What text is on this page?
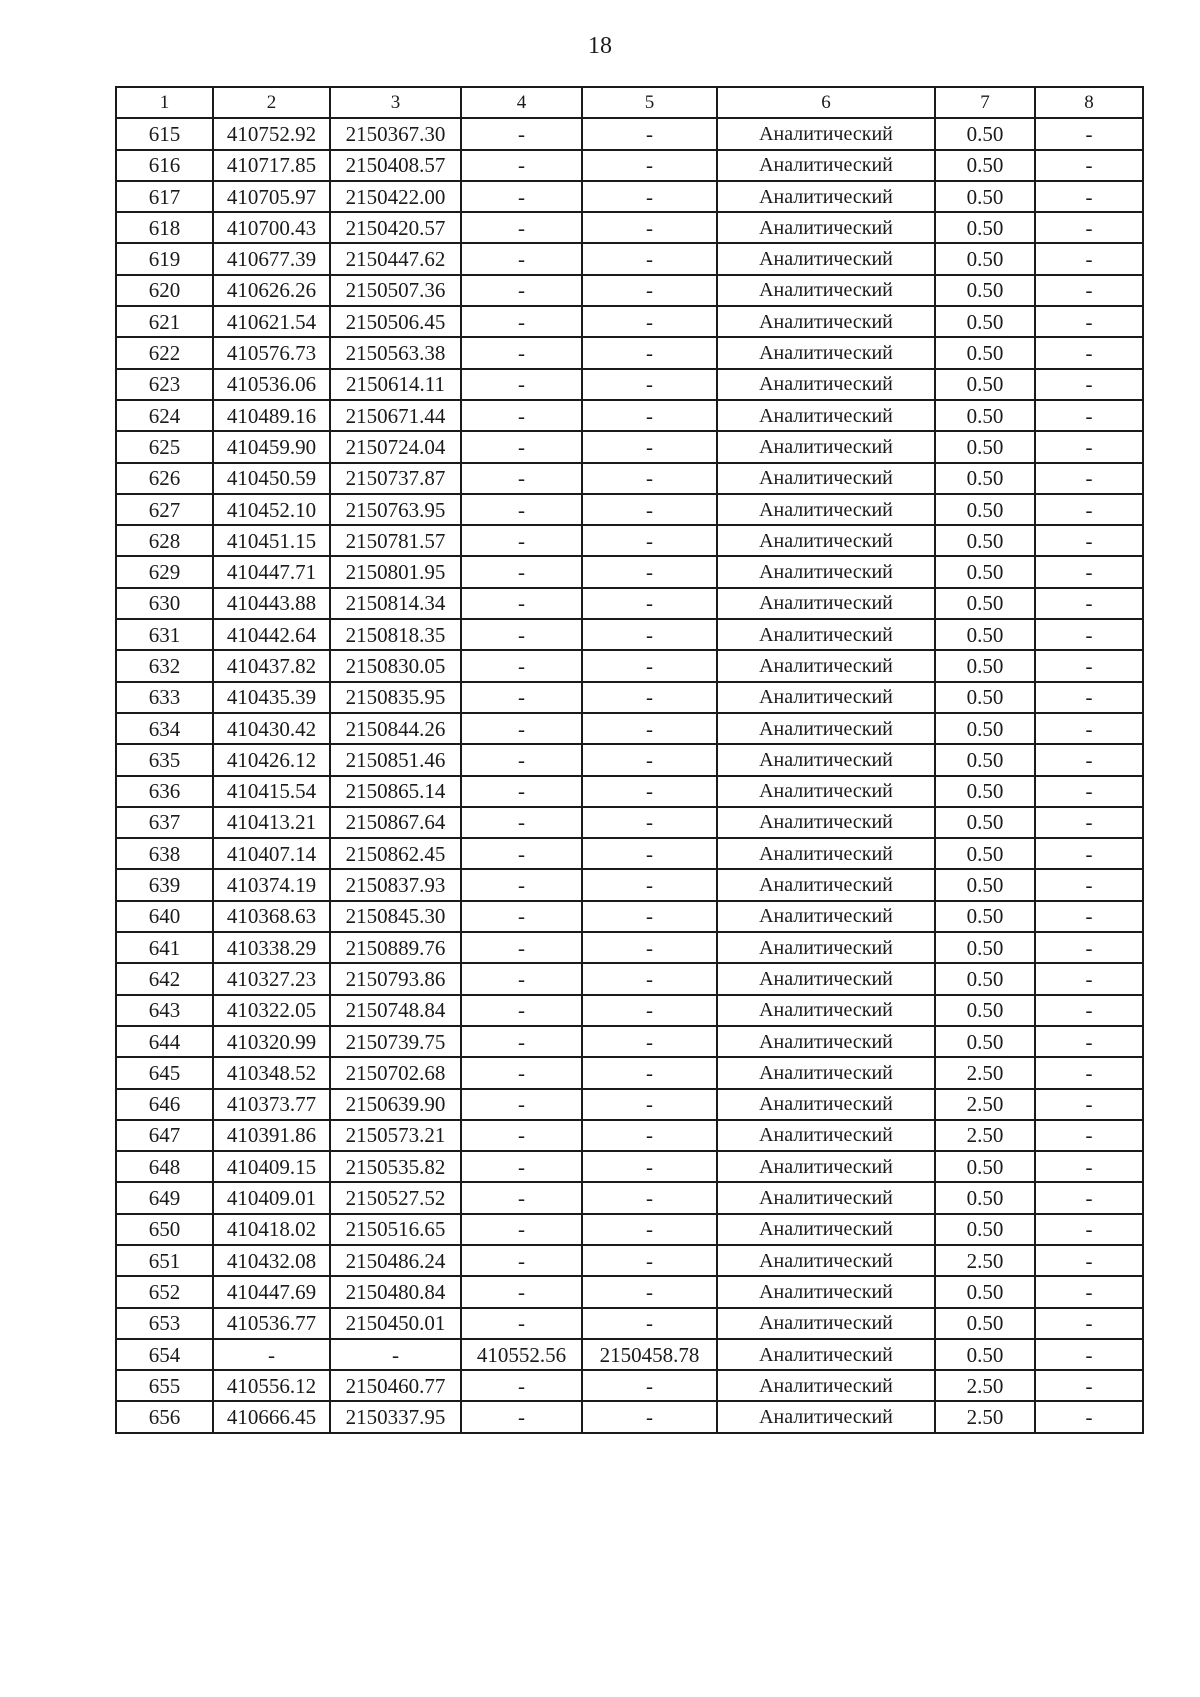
18
1	2	3	4	5	6	7	8
615	410752.92	2150367.30	-	-	Аналитический	0.50	-
616	410717.85	2150408.57	-	-	Аналитический	0.50	-
617	410705.97	2150422.00	-	-	Аналитический	0.50	-
618	410700.43	2150420.57	-	-	Аналитический	0.50	-
619	410677.39	2150447.62	-	-	Аналитический	0.50	-
620	410626.26	2150507.36	-	-	Аналитический	0.50	-
621	410621.54	2150506.45	-	-	Аналитический	0.50	-
622	410576.73	2150563.38	-	-	Аналитический	0.50	-
623	410536.06	2150614.11	-	-	Аналитический	0.50	-
624	410489.16	2150671.44	-	-	Аналитический	0.50	-
625	410459.90	2150724.04	-	-	Аналитический	0.50	-
626	410450.59	2150737.87	-	-	Аналитический	0.50	-
627	410452.10	2150763.95	-	-	Аналитический	0.50	-
628	410451.15	2150781.57	-	-	Аналитический	0.50	-
629	410447.71	2150801.95	-	-	Аналитический	0.50	-
630	410443.88	2150814.34	-	-	Аналитический	0.50	-
631	410442.64	2150818.35	-	-	Аналитический	0.50	-
632	410437.82	2150830.05	-	-	Аналитический	0.50	-
633	410435.39	2150835.95	-	-	Аналитический	0.50	-
634	410430.42	2150844.26	-	-	Аналитический	0.50	-
635	410426.12	2150851.46	-	-	Аналитический	0.50	-
636	410415.54	2150865.14	-	-	Аналитический	0.50	-
637	410413.21	2150867.64	-	-	Аналитический	0.50	-
638	410407.14	2150862.45	-	-	Аналитический	0.50	-
639	410374.19	2150837.93	-	-	Аналитический	0.50	-
640	410368.63	2150845.30	-	-	Аналитический	0.50	-
641	410338.29	2150889.76	-	-	Аналитический	0.50	-
642	410327.23	2150793.86	-	-	Аналитический	0.50	-
643	410322.05	2150748.84	-	-	Аналитический	0.50	-
644	410320.99	2150739.75	-	-	Аналитический	0.50	-
645	410348.52	2150702.68	-	-	Аналитический	2.50	-
646	410373.77	2150639.90	-	-	Аналитический	2.50	-
647	410391.86	2150573.21	-	-	Аналитический	2.50	-
648	410409.15	2150535.82	-	-	Аналитический	0.50	-
649	410409.01	2150527.52	-	-	Аналитический	0.50	-
650	410418.02	2150516.65	-	-	Аналитический	0.50	-
651	410432.08	2150486.24	-	-	Аналитический	2.50	-
652	410447.69	2150480.84	-	-	Аналитический	0.50	-
653	410536.77	2150450.01	-	-	Аналитический	0.50	-
654	-	-	410552.56	2150458.78	Аналитический	0.50	-
655	410556.12	2150460.77	-	-	Аналитический	2.50	-
656	410666.45	2150337.95	-	-	Аналитический	2.50	-
